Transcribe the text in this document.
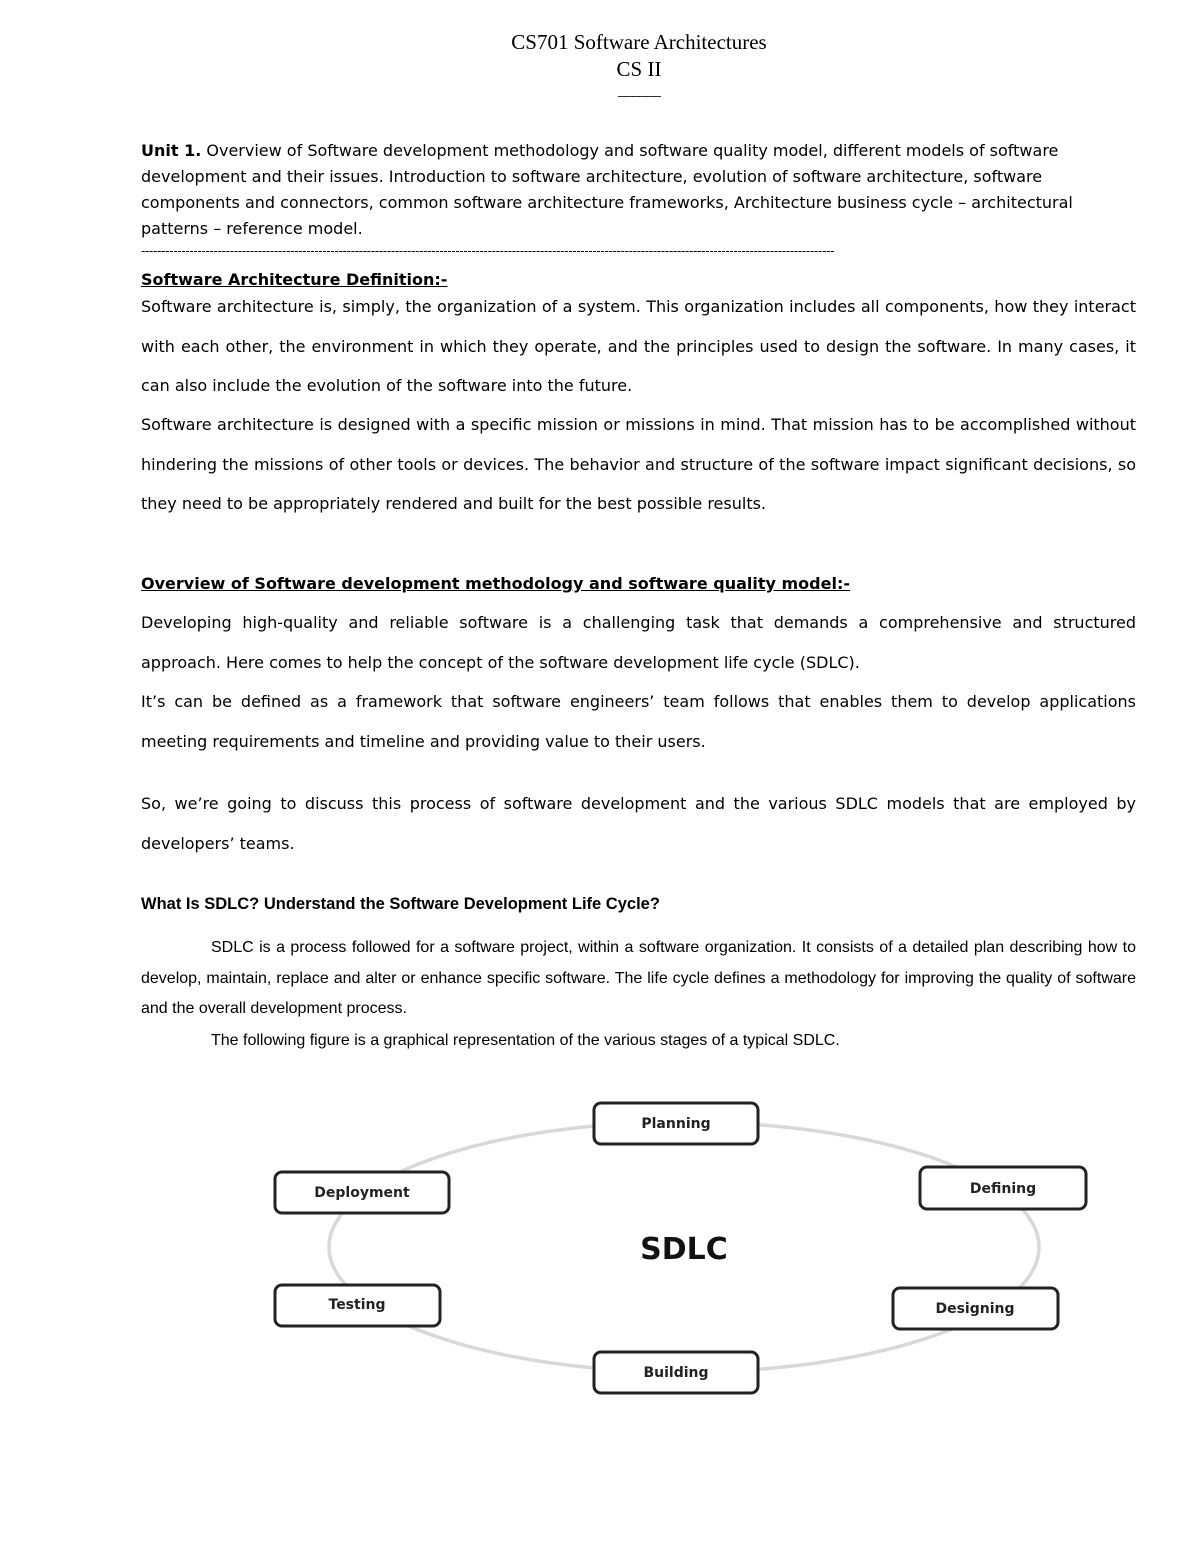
CS701 Software Architectures
CS II
______
Unit 1. Overview of Software development methodology and software quality model, different models of software development and their issues. Introduction to software architecture, evolution of software architecture, software components and connectors, common software architecture frameworks, Architecture business cycle – architectural patterns – reference model.
----------------------------------------------------------------------------------------------------------------------------------------------------------------------------
Software Architecture Definition:-
Software architecture is, simply, the organization of a system. This organization includes all components, how they interact with each other, the environment in which they operate, and the principles used to design the software. In many cases, it can also include the evolution of the software into the future.
Software architecture is designed with a specific mission or missions in mind. That mission has to be accomplished without hindering the missions of other tools or devices. The behavior and structure of the software impact significant decisions, so they need to be appropriately rendered and built for the best possible results.
Overview of Software development methodology and software quality model:-
Developing high-quality and reliable software is a challenging task that demands a comprehensive and structured approach. Here comes to help the concept of the software development life cycle (SDLC).
It’s can be defined as a framework that software engineers’ team follows that enables them to develop applications meeting requirements and timeline and providing value to their users.
So, we’re going to discuss this process of software development and the various SDLC models that are employed by developers’ teams.
What Is SDLC? Understand the Software Development Life Cycle?
SDLC is a process followed for a software project, within a software organization. It consists of a detailed plan describing how to develop, maintain, replace and alter or enhance specific software. The life cycle defines a methodology for improving the quality of software and the overall development process.
The following figure is a graphical representation of the various stages of a typical SDLC.
SDLC
Planning
Defining
Designing
Building
Testing
Deployment
